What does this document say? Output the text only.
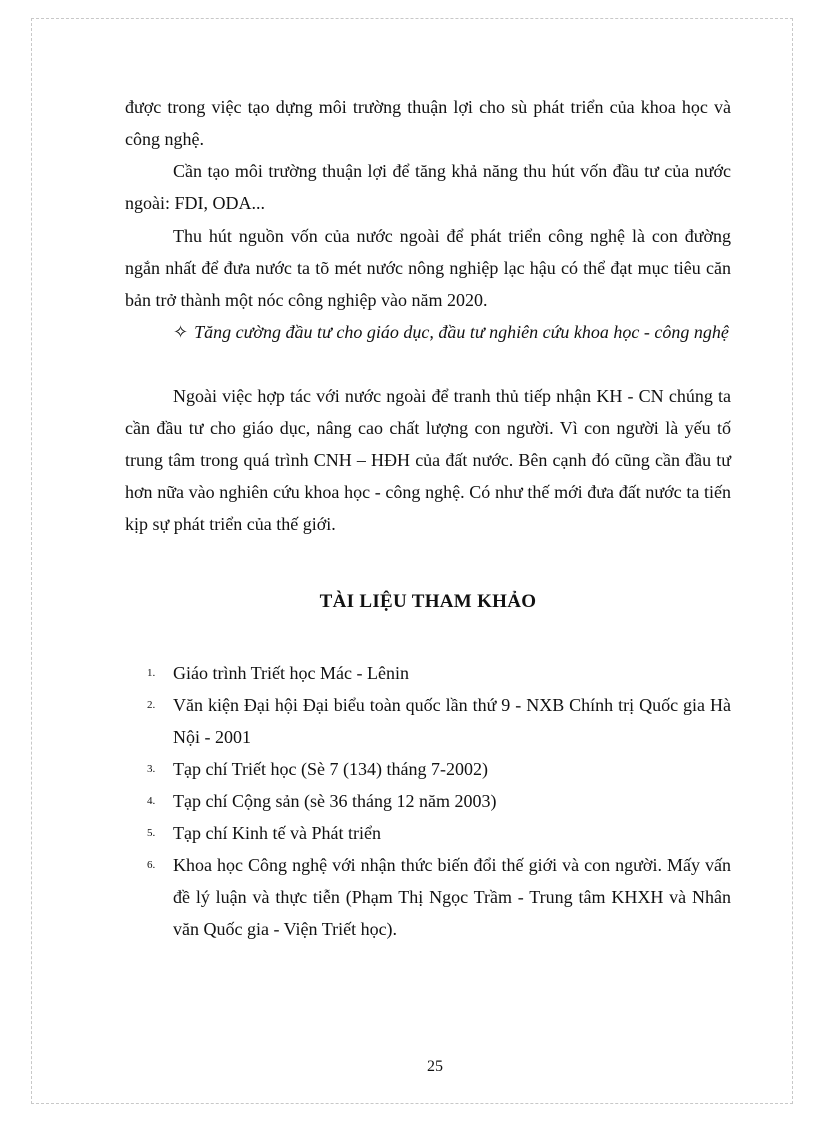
được trong việc tạo dựng môi trường thuận lợi cho sù phát triển của khoa học và công nghệ.

Cần tạo môi trường thuận lợi để tăng khả năng thu hút vốn đầu tư của nước ngoài: FDI, ODA...

Thu hút nguồn vốn của nước ngoài để phát triển công nghệ là con đường ngắn nhất để đưa nước ta tõ mét nước nông nghiệp lạc hậu có thể đạt mục tiêu căn bản trở thành một nóc công nghiệp vào năm 2020.

✧ Tăng cường đầu tư cho giáo dục, đầu tư nghiên cứu khoa học - công nghệ

Ngoài việc hợp tác với nước ngoài để tranh thủ tiếp nhận KH - CN chúng ta cần đầu tư cho giáo dục, nâng cao chất lượng con người. Vì con người là yếu tố trung tâm trong quá trình CNH – HĐH của đất nước. Bên cạnh đó cũng cần đầu tư hơn nữa vào nghiên cứu khoa học - công nghệ. Có như thế mới đưa đất nước ta tiến kịp sự phát triển của thế giới.

TÀI LIỆU THAM KHẢO
1. Giáo trình Triết học Mác - Lênin
2. Văn kiện Đại hội Đại biểu toàn quốc lần thứ 9 - NXB Chính trị Quốc gia Hà Nội - 2001
3. Tạp chí Triết học (Sè 7 (134) tháng 7-2002)
4. Tạp chí Cộng sản (sè 36 tháng 12 năm 2003)
5. Tạp chí Kinh tế và Phát triển
6. Khoa học Công nghệ với nhận thức biến đổi thế giới và con người. Mấy vấn đề lý luận và thực tiễn (Phạm Thị Ngọc Trầm - Trung tâm KHXH và Nhân văn Quốc gia - Viện Triết học).
25
